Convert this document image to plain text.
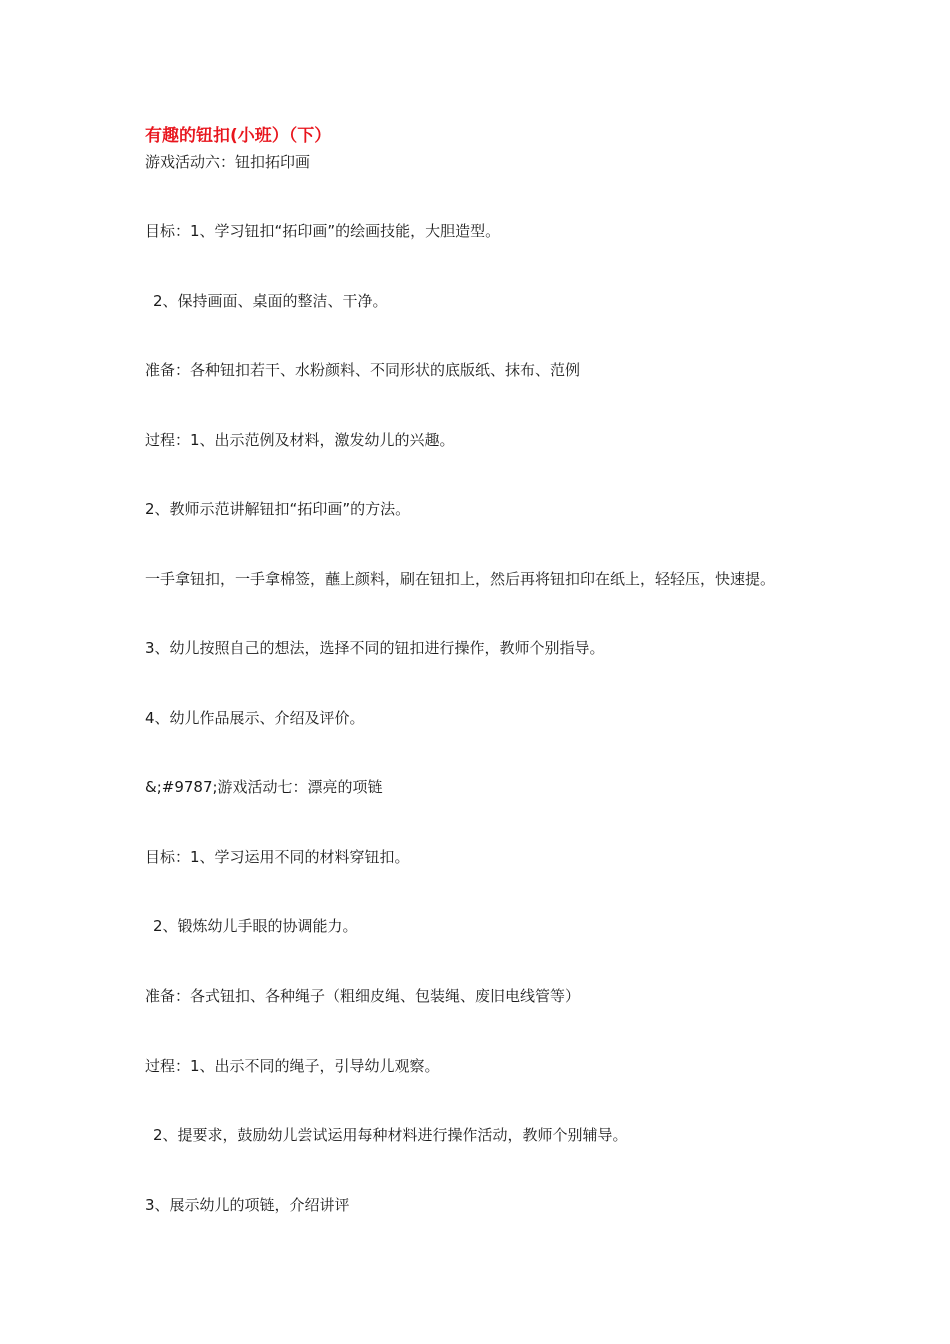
有趣的钮扣(小班）（下）
游戏活动六：钮扣拓印画
目标：1、学习钮扣“拓印画”的绘画技能，大胆造型。
2、保持画面、桌面的整洁、干净。
准备：各种钮扣若干、水粉颜料、不同形状的底版纸、抹布、范例
过程：1、出示范例及材料，激发幼儿的兴趣。
2、教师示范讲解钮扣“拓印画”的方法。
一手拿钮扣，一手拿棉签，蘸上颜料，刷在钮扣上，然后再将钮扣印在纸上，轻轻压，快速提。
3、幼儿按照自己的想法，选择不同的钮扣进行操作，教师个别指导。
4、幼儿作品展示、介绍及评价。
&;#9787;游戏活动七：漂亮的项链
目标：1、学习运用不同的材料穿钮扣。
2、锻炼幼儿手眼的协调能力。
准备：各式钮扣、各种绳子（粗细皮绳、包装绳、废旧电线管等）
过程：1、出示不同的绳子，引导幼儿观察。
2、提要求，鼓励幼儿尝试运用每种材料进行操作活动，教师个别辅导。
3、展示幼儿的项链，介绍讲评
